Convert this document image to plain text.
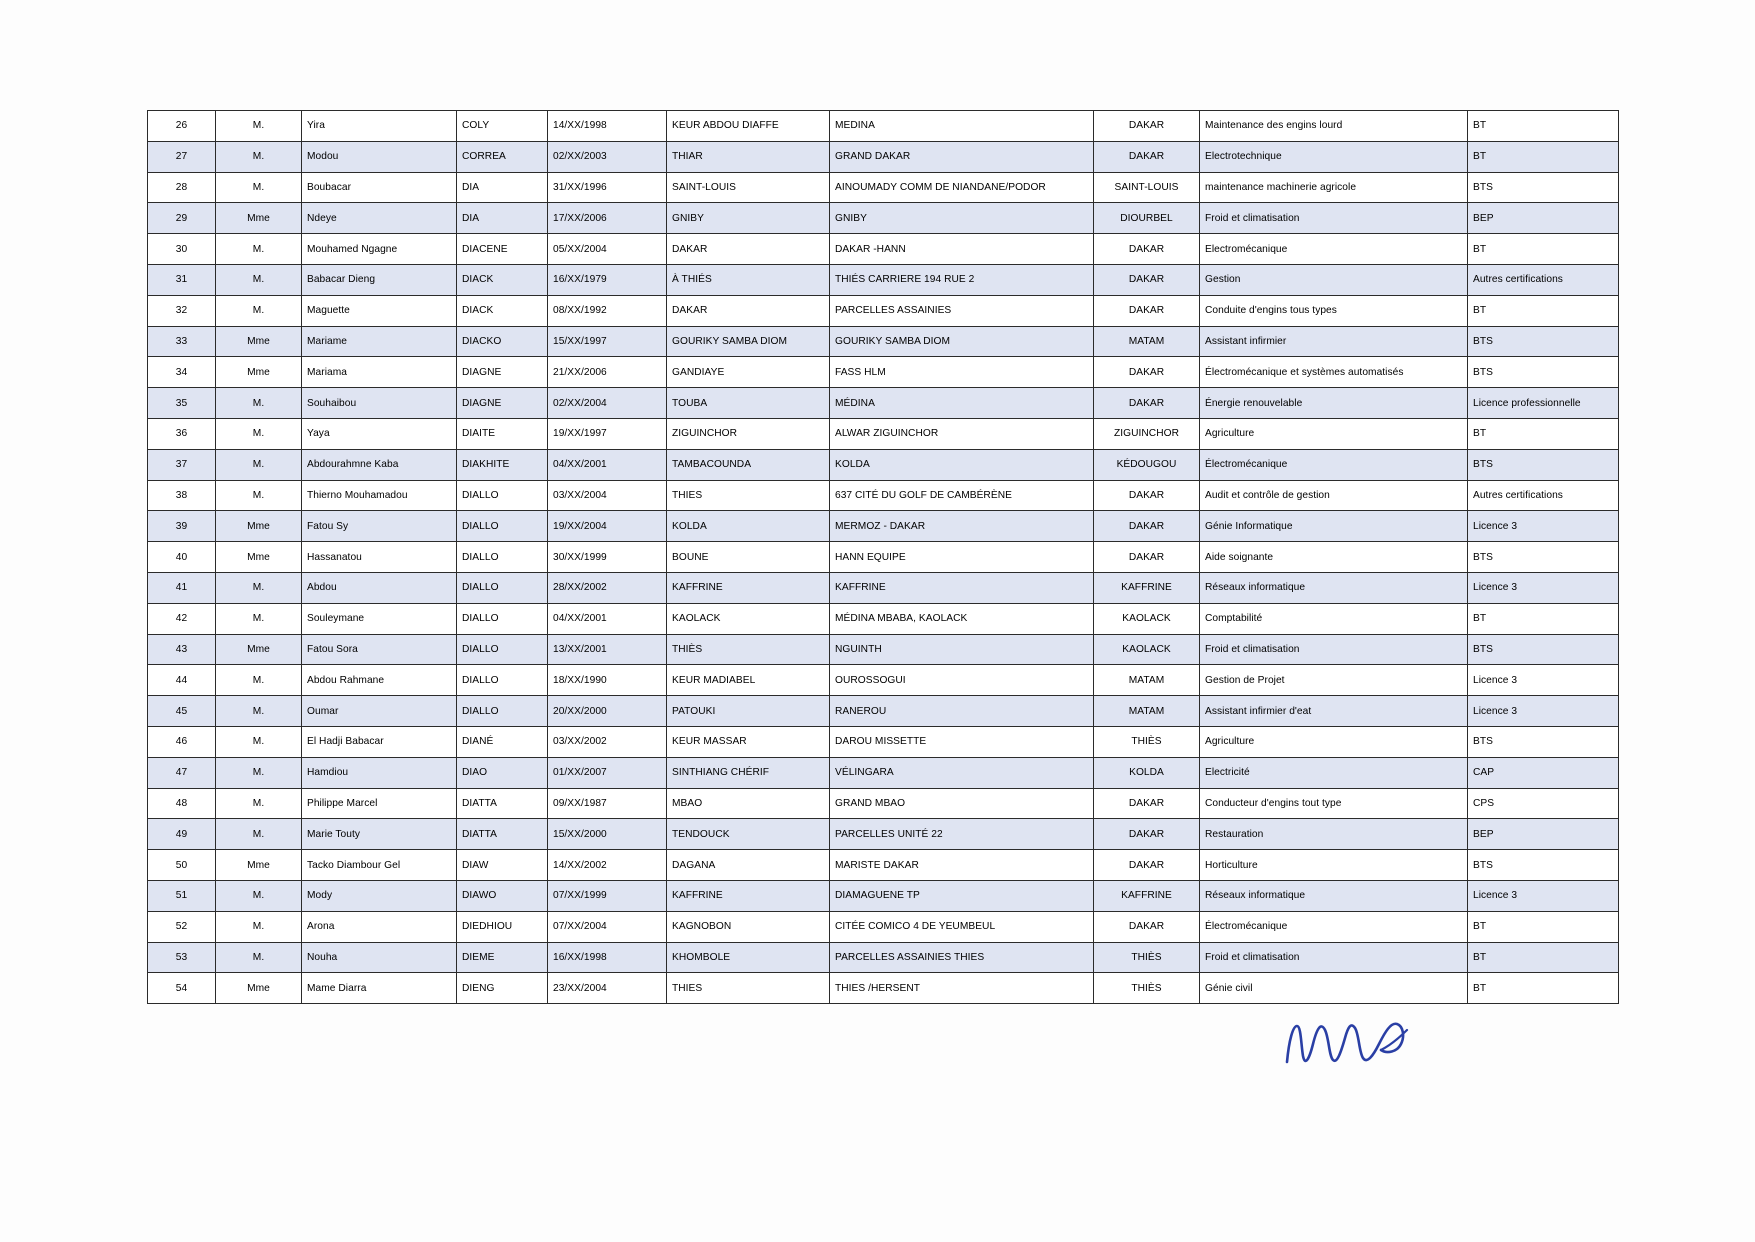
26	M.	Yira	COLY	14/XX/1998	KEUR ABDOU DIAFFE	MEDINA	DAKAR	Maintenance des engins lourd	BT
27	M.	Modou	CORREA	02/XX/2003	THIAR	GRAND DAKAR	DAKAR	Electrotechnique	BT
28	M.	Boubacar	DIA	31/XX/1996	SAINT-LOUIS	AINOUMADY COMM DE NIANDANE/PODOR	SAINT-LOUIS	maintenance machinerie agricole	BTS
29	Mme	Ndeye	DIA	17/XX/2006	GNIBY	GNIBY	DIOURBEL	Froid et climatisation	BEP
30	M.	Mouhamed Ngagne	DIACENE	05/XX/2004	DAKAR	DAKAR -HANN	DAKAR	Electromécanique	BT
31	M.	Babacar Dieng	DIACK	16/XX/1979	À THIÉS	THIÉS CARRIERE 194 RUE 2	DAKAR	Gestion	Autres certifications
32	M.	Maguette	DIACK	08/XX/1992	DAKAR	PARCELLES ASSAINIES	DAKAR	Conduite d'engins tous types	BT
33	Mme	Mariame	DIACKO	15/XX/1997	GOURIKY SAMBA DIOM	GOURIKY SAMBA DIOM	MATAM	Assistant infirmier	BTS
34	Mme	Mariama	DIAGNE	21/XX/2006	GANDIAYE	FASS HLM	DAKAR	Électromécanique et systèmes automatisés	BTS
35	M.	Souhaibou	DIAGNE	02/XX/2004	TOUBA	MÉDINA	DAKAR	Énergie renouvelable	Licence professionnelle
36	M.	Yaya	DIAITE	19/XX/1997	ZIGUINCHOR	ALWAR ZIGUINCHOR	ZIGUINCHOR	Agriculture	BT
37	M.	Abdourahmne Kaba	DIAKHITE	04/XX/2001	TAMBACOUNDA	KOLDA	KÉDOUGOU	Électromécanique	BTS
38	M.	Thierno Mouhamadou	DIALLO	03/XX/2004	THIES	637 CITÉ DU GOLF DE CAMBÉRÈNE	DAKAR	Audit et contrôle de gestion	Autres certifications
39	Mme	Fatou Sy	DIALLO	19/XX/2004	KOLDA	MERMOZ - DAKAR	DAKAR	Génie Informatique	Licence 3
40	Mme	Hassanatou	DIALLO	30/XX/1999	BOUNE	HANN EQUIPE	DAKAR	Aide soignante	BTS
41	M.	Abdou	DIALLO	28/XX/2002	KAFFRINE	KAFFRINE	KAFFRINE	Réseaux informatique	Licence 3
42	M.	Souleymane	DIALLO	04/XX/2001	KAOLACK	MÉDINA MBABA, KAOLACK	KAOLACK	Comptabilité	BT
43	Mme	Fatou Sora	DIALLO	13/XX/2001	THIÈS	NGUINTH	KAOLACK	Froid et climatisation	BTS
44	M.	Abdou Rahmane	DIALLO	18/XX/1990	KEUR MADIABEL	OUROSSOGUI	MATAM	Gestion de Projet	Licence 3
45	M.	Oumar	DIALLO	20/XX/2000	PATOUKI	RANEROU	MATAM	Assistant infirmier d'eat	Licence 3
46	M.	El Hadji Babacar	DIANÉ	03/XX/2002	KEUR MASSAR	DAROU MISSETTE	THIÈS	Agriculture	BTS
47	M.	Hamdiou	DIAO	01/XX/2007	SINTHIANG CHÉRIF	VÉLINGARA	KOLDA	Electricité	CAP
48	M.	Philippe Marcel	DIATTA	09/XX/1987	MBAO	GRAND MBAO	DAKAR	Conducteur d'engins tout type	CPS
49	M.	Marie Touty	DIATTA	15/XX/2000	TENDOUCK	PARCELLES UNITÉ 22	DAKAR	Restauration	BEP
50	Mme	Tacko Diambour Gel	DIAW	14/XX/2002	DAGANA	MARISTE DAKAR	DAKAR	Horticulture	BTS
51	M.	Mody	DIAWO	07/XX/1999	KAFFRINE	DIAMAGUENE TP	KAFFRINE	Réseaux informatique	Licence 3
52	M.	Arona	DIEDHIOU	07/XX/2004	KAGNOBON	CITÉE COMICO 4 DE YEUMBEUL	DAKAR	Électromécanique	BT
53	M.	Nouha	DIEME	16/XX/1998	KHOMBOLE	PARCELLES ASSAINIES THIES	THIÈS	Froid et climatisation	BT
54	Mme	Mame Diarra	DIENG	23/XX/2004	THIES	THIES /HERSENT	THIÈS	Génie civil	BT
